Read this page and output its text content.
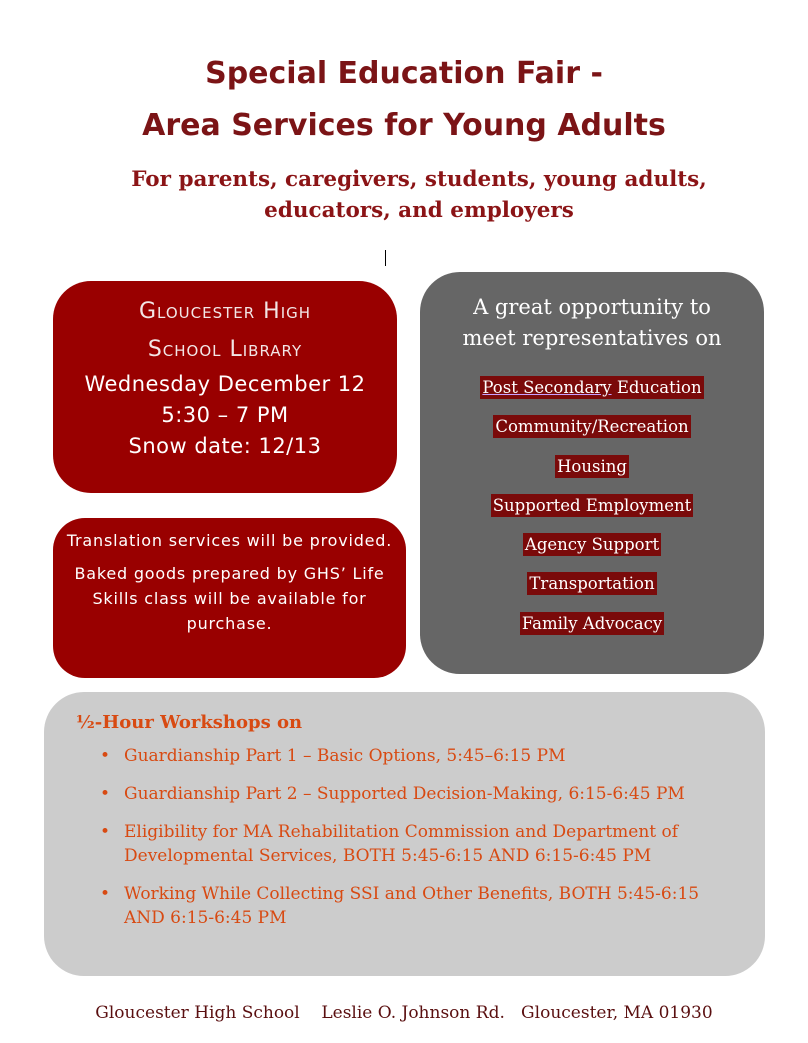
Special Education Fair -
Area Services for Young Adults
For parents, caregivers, students, young adults,
educators, and employers
Gloucester High
School Library
Wednesday December 12
5:30 – 7 PM
Snow date: 12/13

Translation services will be provided.

Baked goods prepared by GHS’ Life Skills class will be available for purchase.

A great opportunity to
meet representatives on
Post Secondary Education
Community/Recreation
Housing
Supported Employment
Agency Support
Transportation
Family Advocacy
½-Hour Workshops on
• Guardianship Part 1 – Basic Options, 5:45–6:15 PM
• Guardianship Part 2 – Supported Decision-Making, 6:15-6:45 PM
• Eligibility for MA Rehabilitation Commission and Department of Developmental Services, BOTH 5:45-6:15 AND 6:15-6:45 PM
• Working While Collecting SSI and Other Benefits, BOTH 5:45-6:15 AND 6:15-6:45 PM
Gloucester High School    Leslie O. Johnson Rd.   Gloucester, MA 01930
